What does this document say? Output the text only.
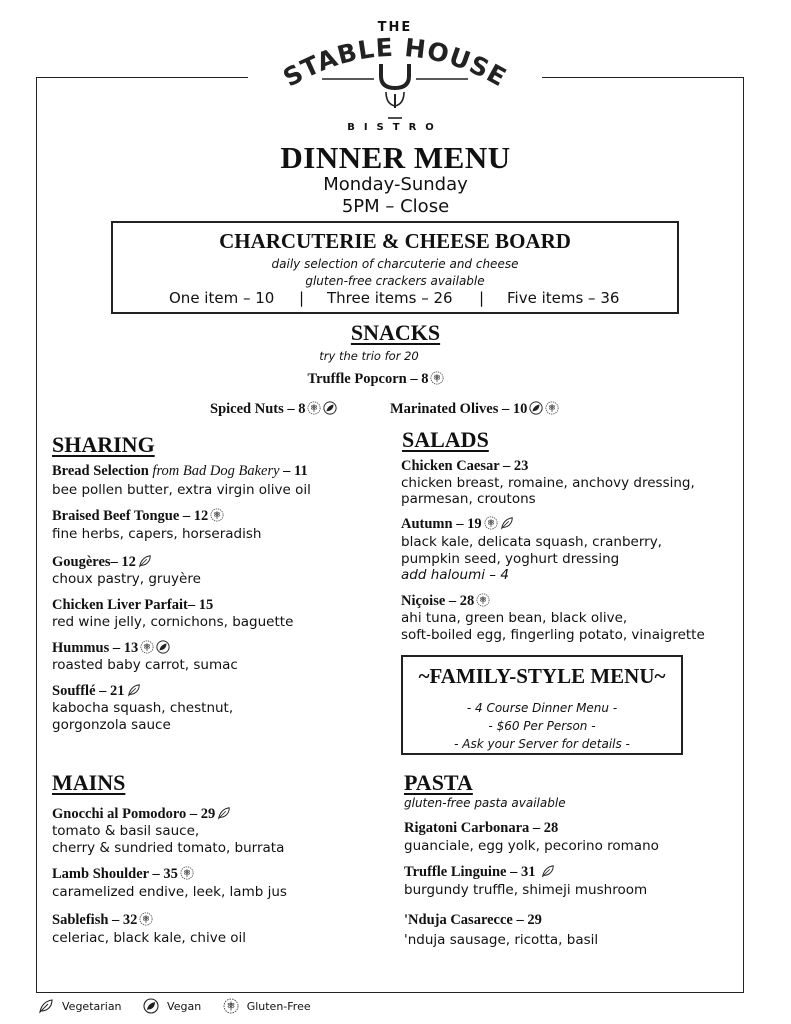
THE
STABLE HOUSE
BISTRO
DINNER MENU
Monday-Sunday
5PM – Close
CHARCUTERIE & CHEESE BOARD
daily selection of charcuterie and cheese
gluten-free crackers available
One item – 10 | Three items – 26 | Five items – 36
SNACKS
try the trio for 20
Truffle Popcorn – 8
Spiced Nuts – 8	Marinated Olives – 10
SHARING
Bread Selection from Bad Dog Bakery – 11
bee pollen butter, extra virgin olive oil
Braised Beef Tongue – 12
fine herbs, capers, horseradish
Gougères– 12
choux pastry, gruyère
Chicken Liver Parfait– 15
red wine jelly, cornichons, baguette
Hummus – 13
roasted baby carrot, sumac
Soufflé – 21
kabocha squash, chestnut,
gorgonzola sauce
SALADS
Chicken Caesar – 23
chicken breast, romaine, anchovy dressing,
parmesan, croutons
Autumn – 19
black kale, delicata squash, cranberry,
pumpkin seed, yoghurt dressing
add haloumi – 4
Niçoise – 28
ahi tuna, green bean, black olive,
soft-boiled egg, fingerling potato, vinaigrette
~FAMILY-STYLE MENU~
- 4 Course Dinner Menu -
- $60 Per Person -
- Ask your Server for details -
MAINS
Gnocchi al Pomodoro – 29
tomato & basil sauce,
cherry & sundried tomato, burrata
Lamb Shoulder – 35
caramelized endive, leek, lamb jus
Sablefish – 32
celeriac, black kale, chive oil
PASTA
gluten-free pasta available
Rigatoni Carbonara – 28
guanciale, egg yolk, pecorino romano
Truffle Linguine – 31
burgundy truffle, shimeji mushroom
'Nduja Casarecce – 29
'nduja sausage, ricotta, basil
Vegetarian	Vegan	Gluten-Free
